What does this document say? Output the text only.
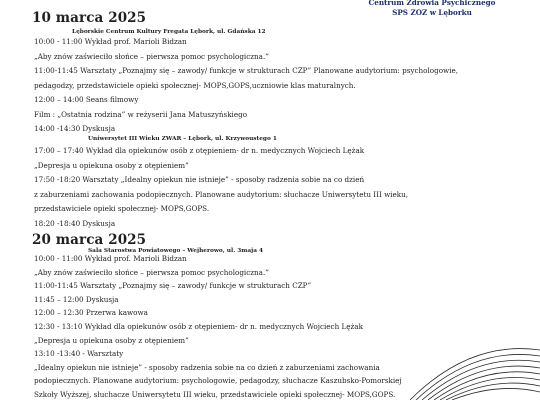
Centrum Zdrowia Psychicznego
SPS ZOZ w Lęborku
10 marca 2025
Lęborskie Centrum Kultury Fregata Lębork, ul. Gdańska 12
10:00 - 11:00 Wykład prof. Marioli Bidzan
„Aby znów zaświeciło słońce – pierwsza pomoc psychologiczna.”
11:00-11:45 Warsztaty „Poznajmy się – zawody/ funkcje w strukturach CZP” Planowane audytorium: psychologowie,
pedagodzy, przedstawiciele opieki społecznej- MOPS,GOPS,uczniowie klas maturalnych.
12:00 – 14:00 Seans filmowy
Film : „Ostatnia rodzina” w reżyserii Jana Matuszyńskiego
14:00 -14:30 Dyskusja
Uniwersytet III Wieku ZWAR – Lębork, ul. Krzywoustego 1
17:00 – 17:40 Wykład dla opiekunów osób z otępieniem- dr n. medycznych Wojciech Lężak
„Depresja u opiekuna osoby z otępieniem”
17:50 -18:20 Warsztaty „Idealny opiekun nie istnieje” - sposoby radzenia sobie na co dzień
z zaburzeniami zachowania podopiecznych. Planowane audytorium: słuchacze Uniwersytetu III wieku,
przedstawiciele opieki społecznej- MOPS,GOPS.
18:20 -18:40 Dyskusja
20 marca 2025
Sala Starostwa Powiatowego – Wejherowo, ul. 3maja 4
10:00 - 11:00 Wykład prof. Marioli Bidzan
„Aby znów zaświeciło słońce – pierwsza pomoc psychologiczna.”
11:00-11:45 Warsztaty „Poznajmy się – zawody/ funkcje w strukturach CZP”
11:45 – 12:00 Dyskusja
12:00 – 12:30 Przerwa kawowa
12:30 - 13:10 Wykład dla opiekunów osób z otępieniem- dr n. medycznych Wojciech Lężak
„Depresja u opiekuna osoby z otępieniem”
13:10 -13:40 - Warsztaty
„Idealny opiekun nie istnieje” - sposoby radzenia sobie na co dzień z zaburzeniami zachowania
podopiecznych. Planowane audytorium: psychologowie, pedagodzy, słuchacze Kaszubsko-Pomorskiej
Szkoły Wyższej, słuchacze Uniwersytetu III wieku, przedstawiciele opieki społecznej- MOPS,GOPS.
